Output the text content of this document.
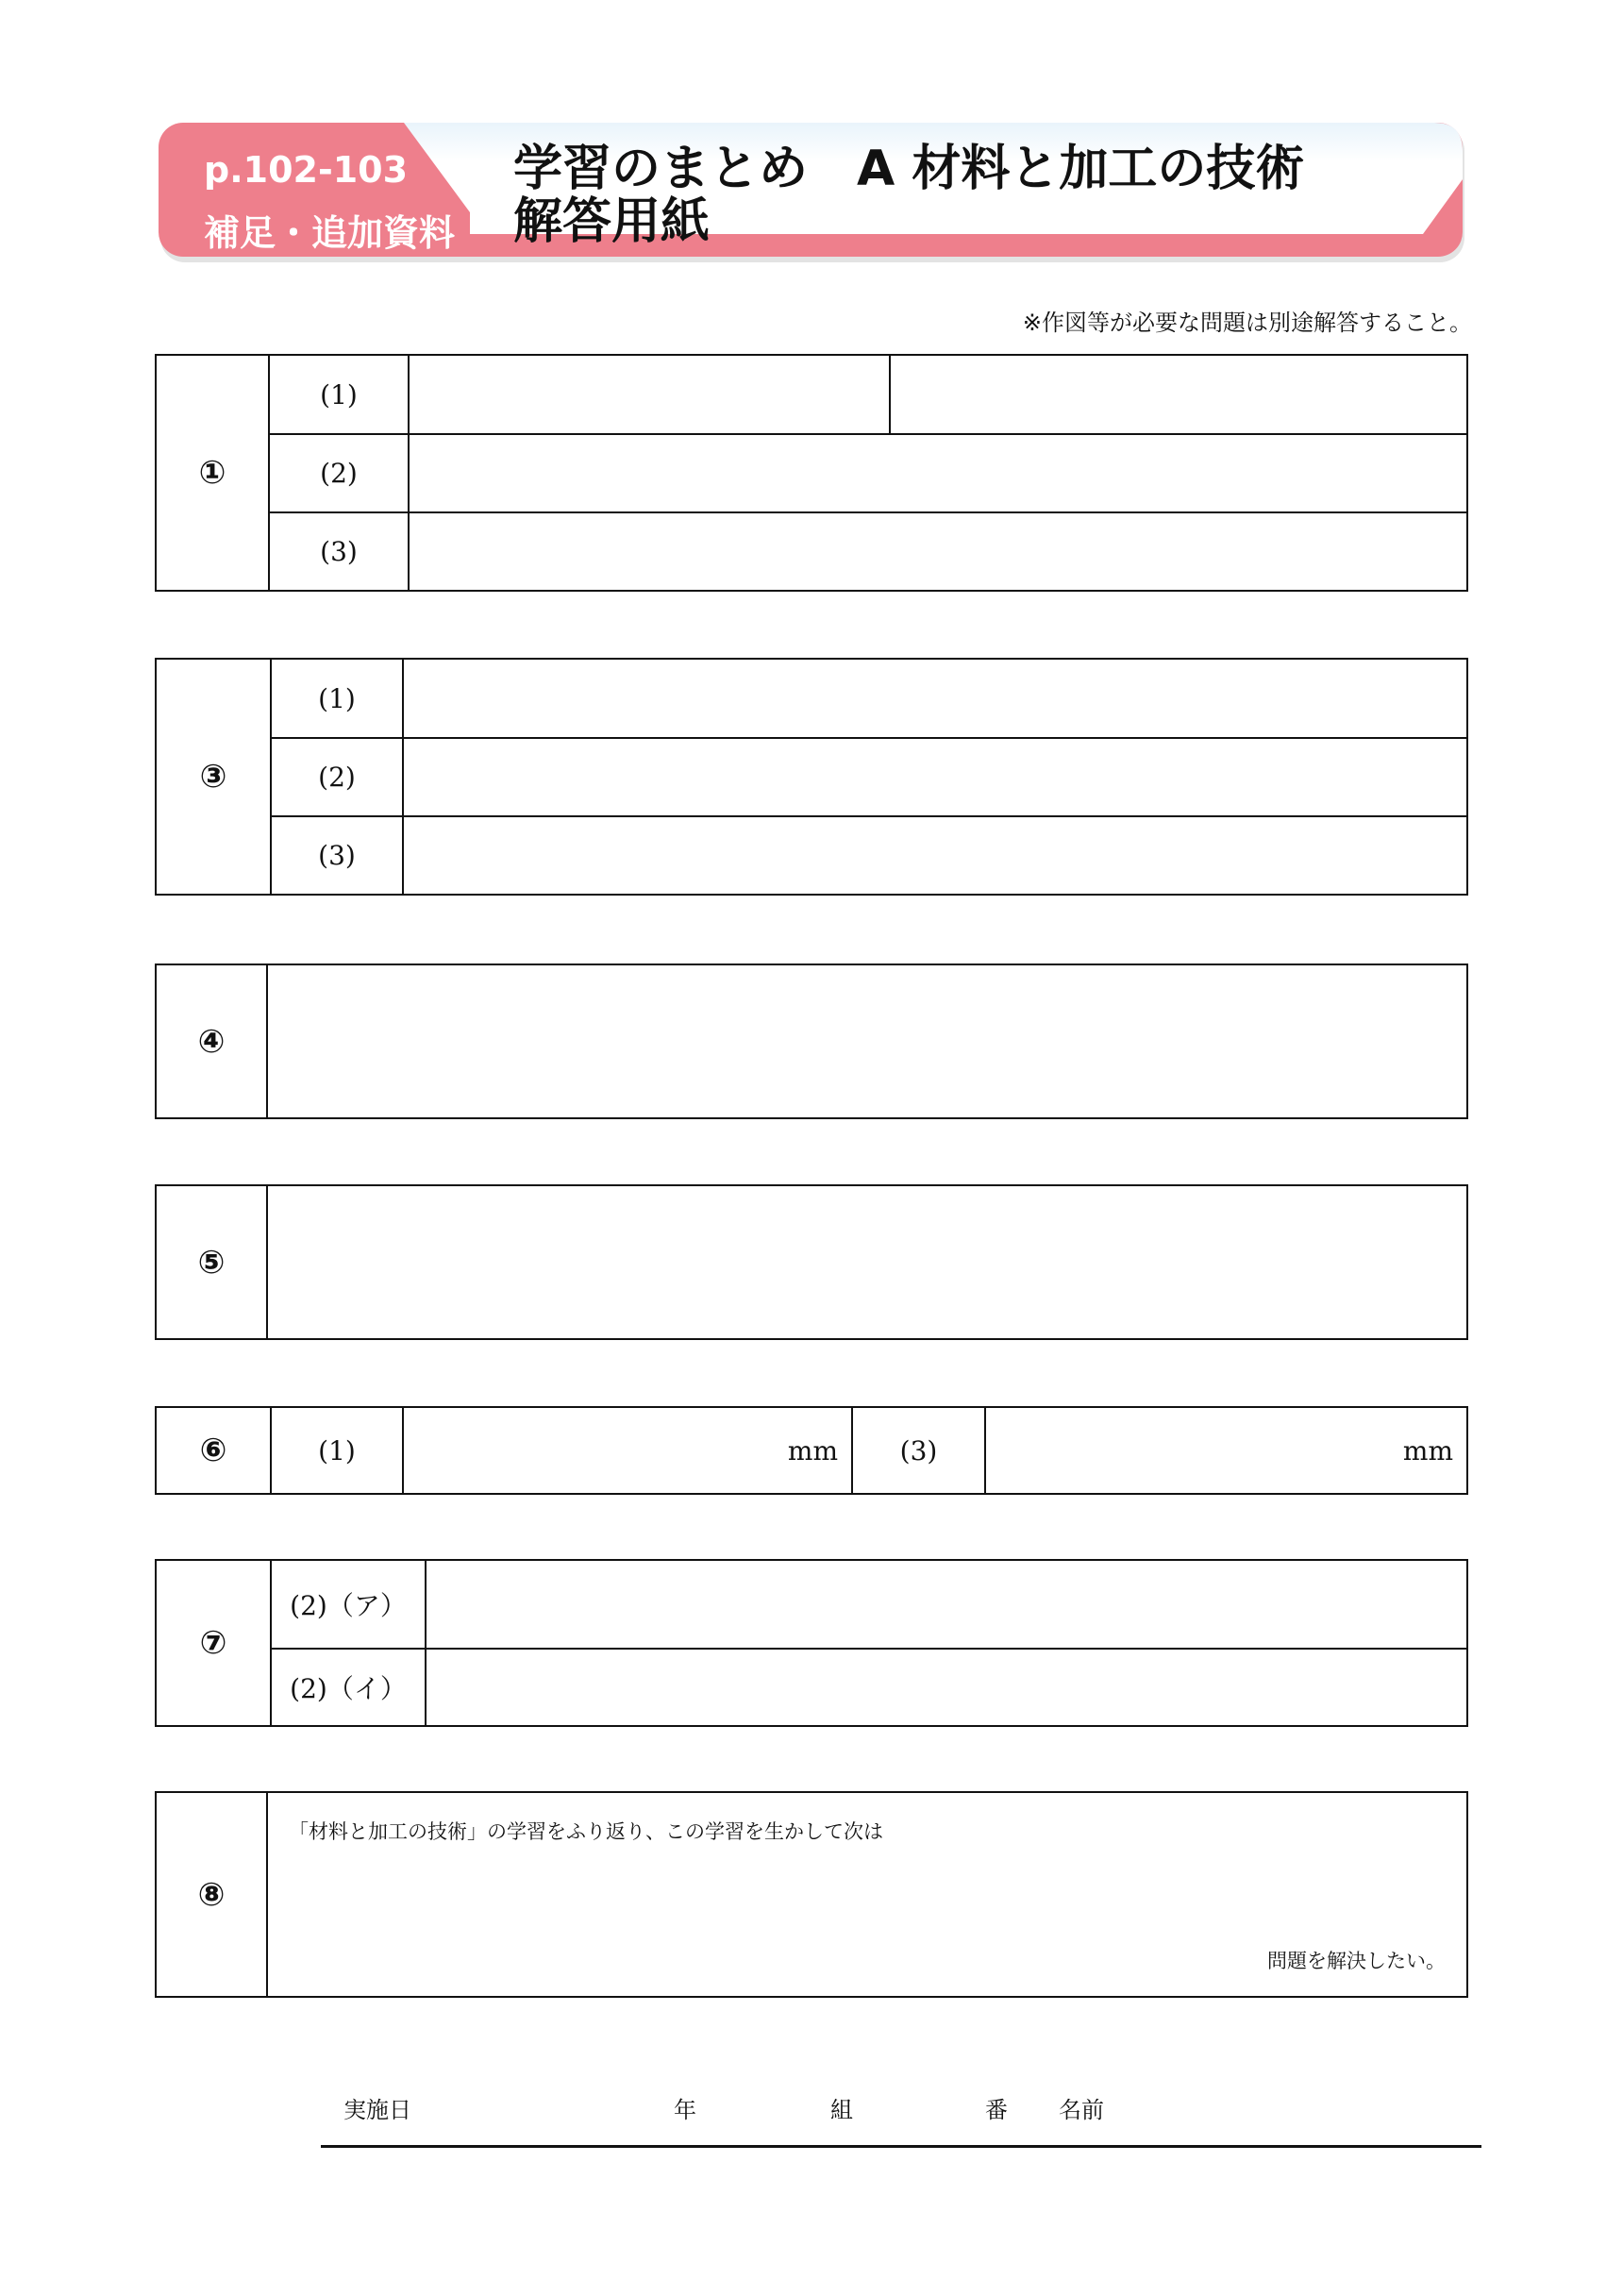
p.102-103
補足・追加資料
学習のまとめ　A 材料と加工の技術
解答用紙
※作図等が必要な問題は別途解答すること。
①	(1)		
	(2)		
	(3)		
③	(1)	
	(2)	
	(3)	
④	
⑤	
⑥	(1)	mm	(3)	mm
⑦	(2)（ア）	
	(2)（イ）	
⑧	
「材料と加工の技術」の学習をふり返り、この学習を生かして次は
問題を解決したい。
実施日	年	組	番 名前
